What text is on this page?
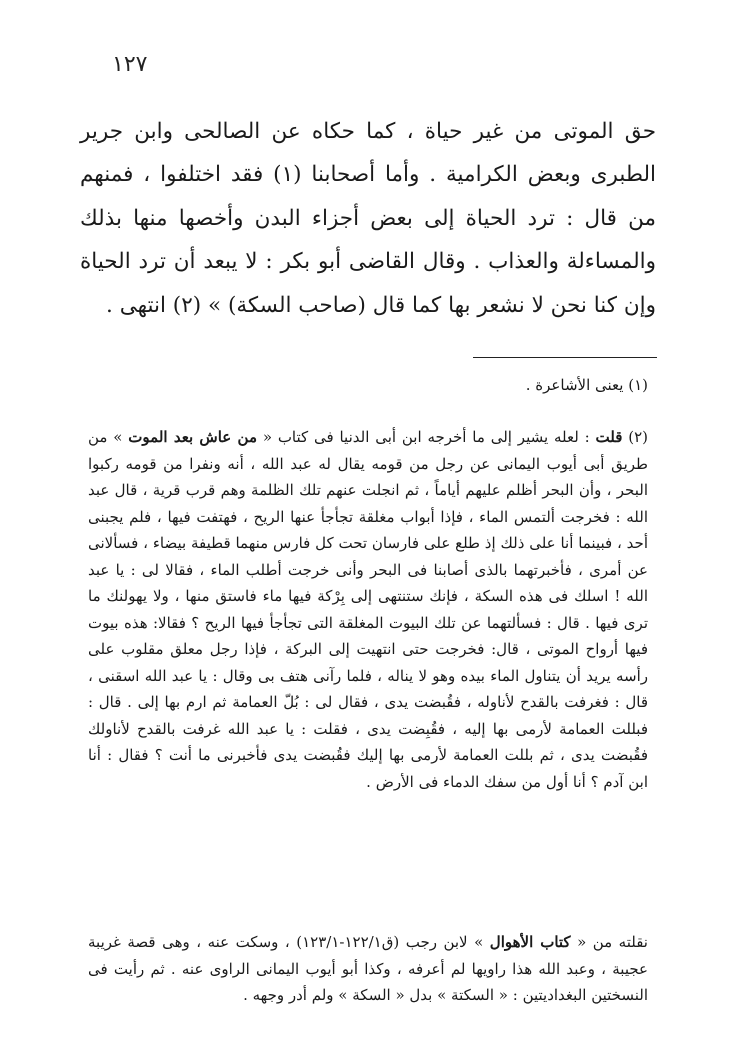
١٢٧

حق الموتى من غير حياة ، كما حكاه عن الصالحى وابن جرير الطبرى وبعض الكرامية . وأما أصحابنا (١) فقد اختلفوا ، فمنهم من قال : ترد الحياة إلى بعض أجزاء البدن وأخصها منها بذلك والمساءلة والعذاب . وقال القاضى أبو بكر : لا يبعد أن ترد الحياة وإن كنا نحن لا نشعر بها كما قال (صاحب السكة) » (٢) انتهى .

(١) يعنى الأشاعرة .

(٢) قلت : لعله يشير إلى ما أخرجه ابن أبى الدنيا فى كتاب « من عاش بعد الموت » من طريق أبى أيوب اليمانى عن رجل من قومه يقال له عبد الله ، أنه ونفرا من قومه ركبوا البحر ، وأن البحر أظلم عليهم أياماً ، ثم انجلت عنهم تلك الظلمة وهم قرب قرية ، قال عبد الله : فخرجت ألتمس الماء ، فإذا أبواب مغلقة تجأجأ عنها الريح ، فهتفت فيها ، فلم يجبنى أحد ، فبينما أنا على ذلك إذ طلع على فارسان تحت كل فارس منهما قطيفة بيضاء ، فسألانى عن أمرى ، فأخبرتهما بالذى أصابنا فى البحر وأنى خرجت أطلب الماء ، فقالا لى : يا عبد الله ! اسلك فى هذه السكة ، فإنك ستنتهى إلى بِرْكة فيها ماء فاستق منها ، ولا يهولنك ما ترى فيها . قال : فسألتهما عن تلك البيوت المغلقة التى تجأجأ فيها الريح ؟ فقالا: هذه بيوت فيها أرواح الموتى ، قال: فخرجت حتى انتهيت إلى البركة ، فإذا رجل معلق مقلوب على رأسه يريد أن يتناول الماء بيده وهو لا يناله ، فلما رآنى هتف بى وقال : يا عبد الله اسقنى ، قال : فغرفت بالقدح لأناوله ، فقُبضت يدى ، فقال لى : بُلّ العمامة ثم ارم بها إلى . قال : فبللت العمامة لأرمى بها إليه ، فقُبِضت يدى ، فقلت : يا عبد الله غرفت بالقدح لأناولك فقُبضت يدى ، ثم بللت العمامة لأرمى بها إليك فقُبضت يدى فأخبرنى ما أنت ؟ فقال : أنا ابن آدم ؟ أنا أول من سفك الدماء فى الأرض .

نقلته من « كتاب الأهوال » لابن رجب (ق١٢٢/١-١٢٣/١) ، وسكت عنه ، وهى قصة غريبة عجيبة ، وعبد الله هذا راويها لم أعرفه ، وكذا أبو أيوب اليمانى الراوى عنه . ثم رأيت فى النسختين البغداديتين : « السكتة » بدل « السكة » ولم أدر وجهه .
